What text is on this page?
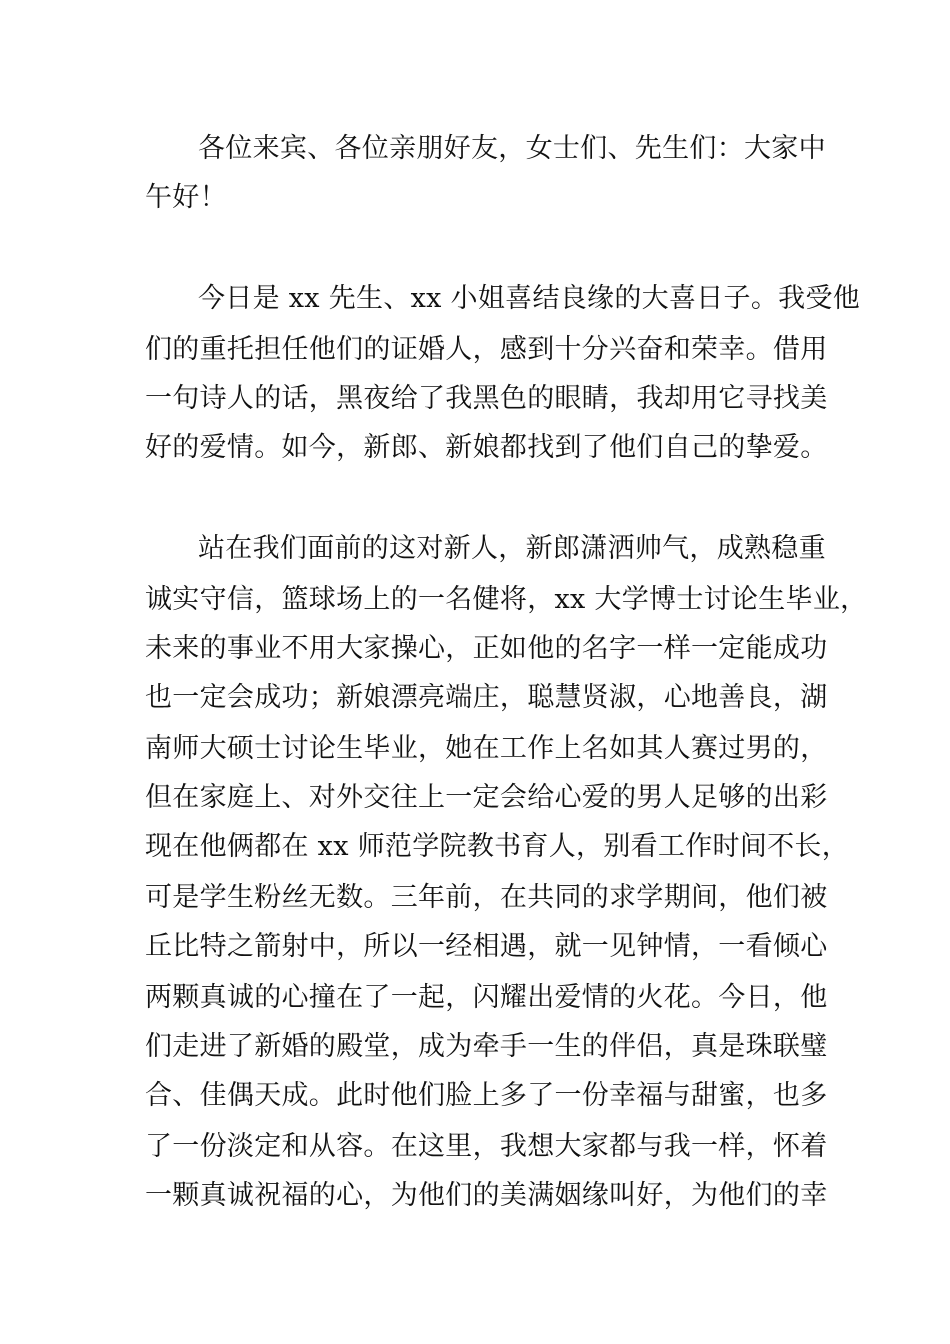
各位来宾、各位亲朋好友，女士们、先生们：大家中
午好！
今日是 xx 先生、xx 小姐喜结良缘的大喜日子。我受他
们的重托担任他们的证婚人，感到十分兴奋和荣幸。借用
一句诗人的话，黑夜给了我黑色的眼睛，我却用它寻找美
好的爱情。如今，新郎、新娘都找到了他们自己的挚爱。
站在我们面前的这对新人，新郎潇洒帅气，成熟稳重
诚实守信，篮球场上的一名健将，xx 大学博士讨论生毕业，
未来的事业不用大家操心，正如他的名字一样一定能成功
也一定会成功；新娘漂亮端庄，聪慧贤淑，心地善良，湖
南师大硕士讨论生毕业，她在工作上名如其人赛过男的，
但在家庭上、对外交往上一定会给心爱的男人足够的出彩
现在他俩都在 xx 师范学院教书育人，别看工作时间不长，
可是学生粉丝无数。三年前，在共同的求学期间，他们被
丘比特之箭射中，所以一经相遇，就一见钟情，一看倾心
两颗真诚的心撞在了一起，闪耀出爱情的火花。今日，他
们走进了新婚的殿堂，成为牵手一生的伴侣，真是珠联璧
合、佳偶天成。此时他们脸上多了一份幸福与甜蜜，也多
了一份淡定和从容。在这里，我想大家都与我一样，怀着
一颗真诚祝福的心，为他们的美满姻缘叫好，为他们的幸
